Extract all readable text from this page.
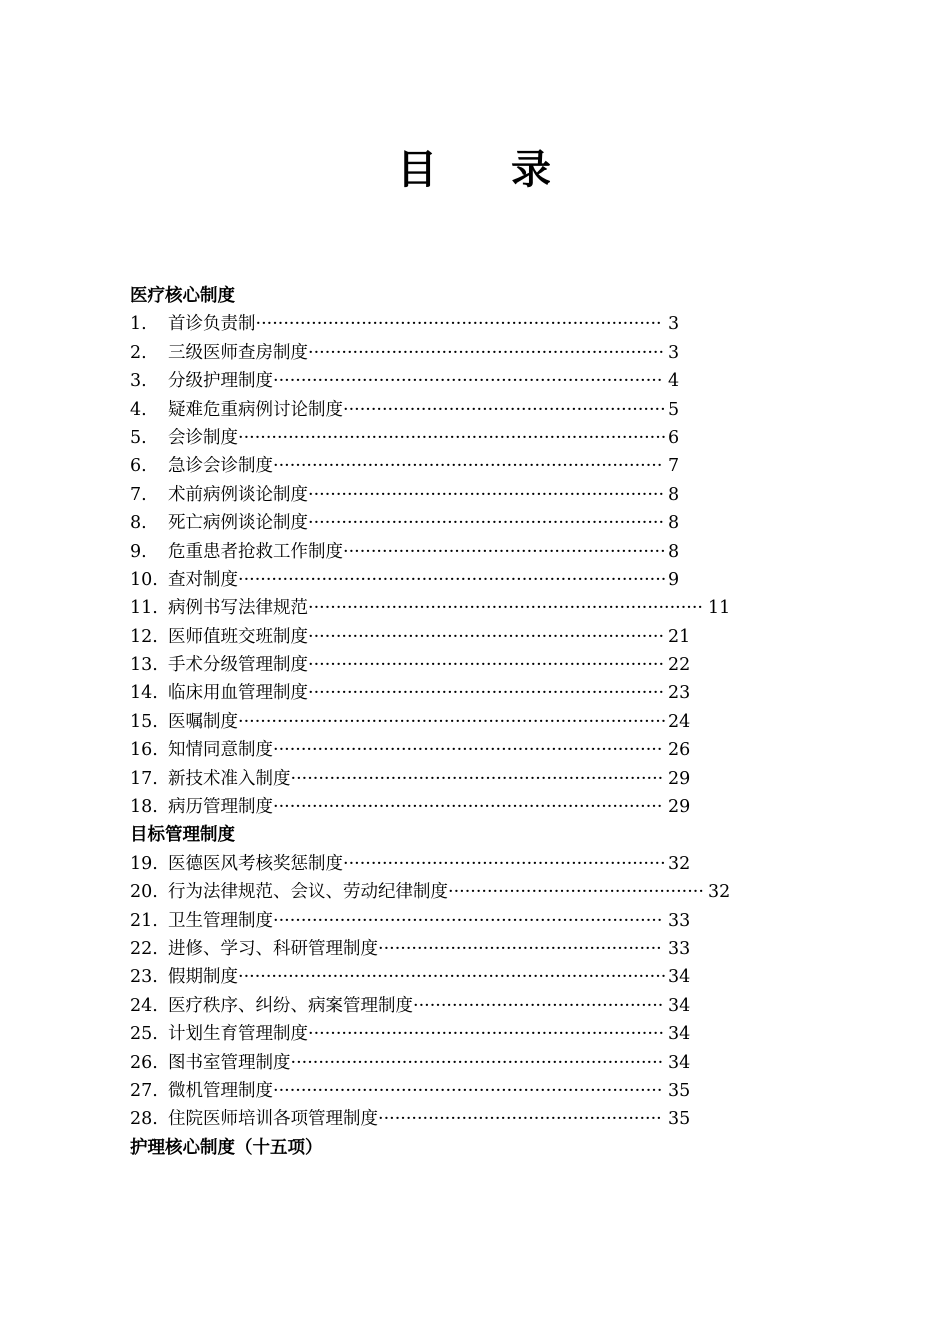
目 录
医疗核心制度
1.	首诊负责制 ········································································· 3
2.	三级医师查房制度 ································································ 3
3.	分级护理制度 ······································································ 4
4.	疑难危重病例讨论制度 ·························································· 5
5.	会诊制度 ············································································· 6
6.	急诊会诊制度 ······································································ 7
7.	术前病例谈论制度 ································································ 8
8.	死亡病例谈论制度 ································································ 8
9.	危重患者抢救工作制度 ·························································· 8
10. 查对制度 ············································································· 9
11. 病例书写法律规范 ······································································· 11
12. 医师值班交班制度 ································································ 21
13. 手术分级管理制度 ································································ 22
14. 临床用血管理制度 ································································ 23
15. 医嘱制度 ············································································· 24
16. 知情同意制度 ······································································ 26
17. 新技术准入制度 ··································································· 29
18. 病历管理制度 ······································································ 29
目标管理制度
19. 医德医风考核奖惩制度 ·························································· 32
20. 行为法律规范、会议、劳动纪律制度 ·············································· 32
21. 卫生管理制度 ······································································ 33
22. 进修、学习、科研管理制度 ··················································· 33
23. 假期制度 ············································································· 34
24. 医疗秩序、纠纷、病案管理制度 ············································· 34
25. 计划生育管理制度 ································································ 34
26. 图书室管理制度 ··································································· 34
27. 微机管理制度 ······································································ 35
28. 住院医师培训各项管理制度 ··················································· 35
护理核心制度（十五项）
